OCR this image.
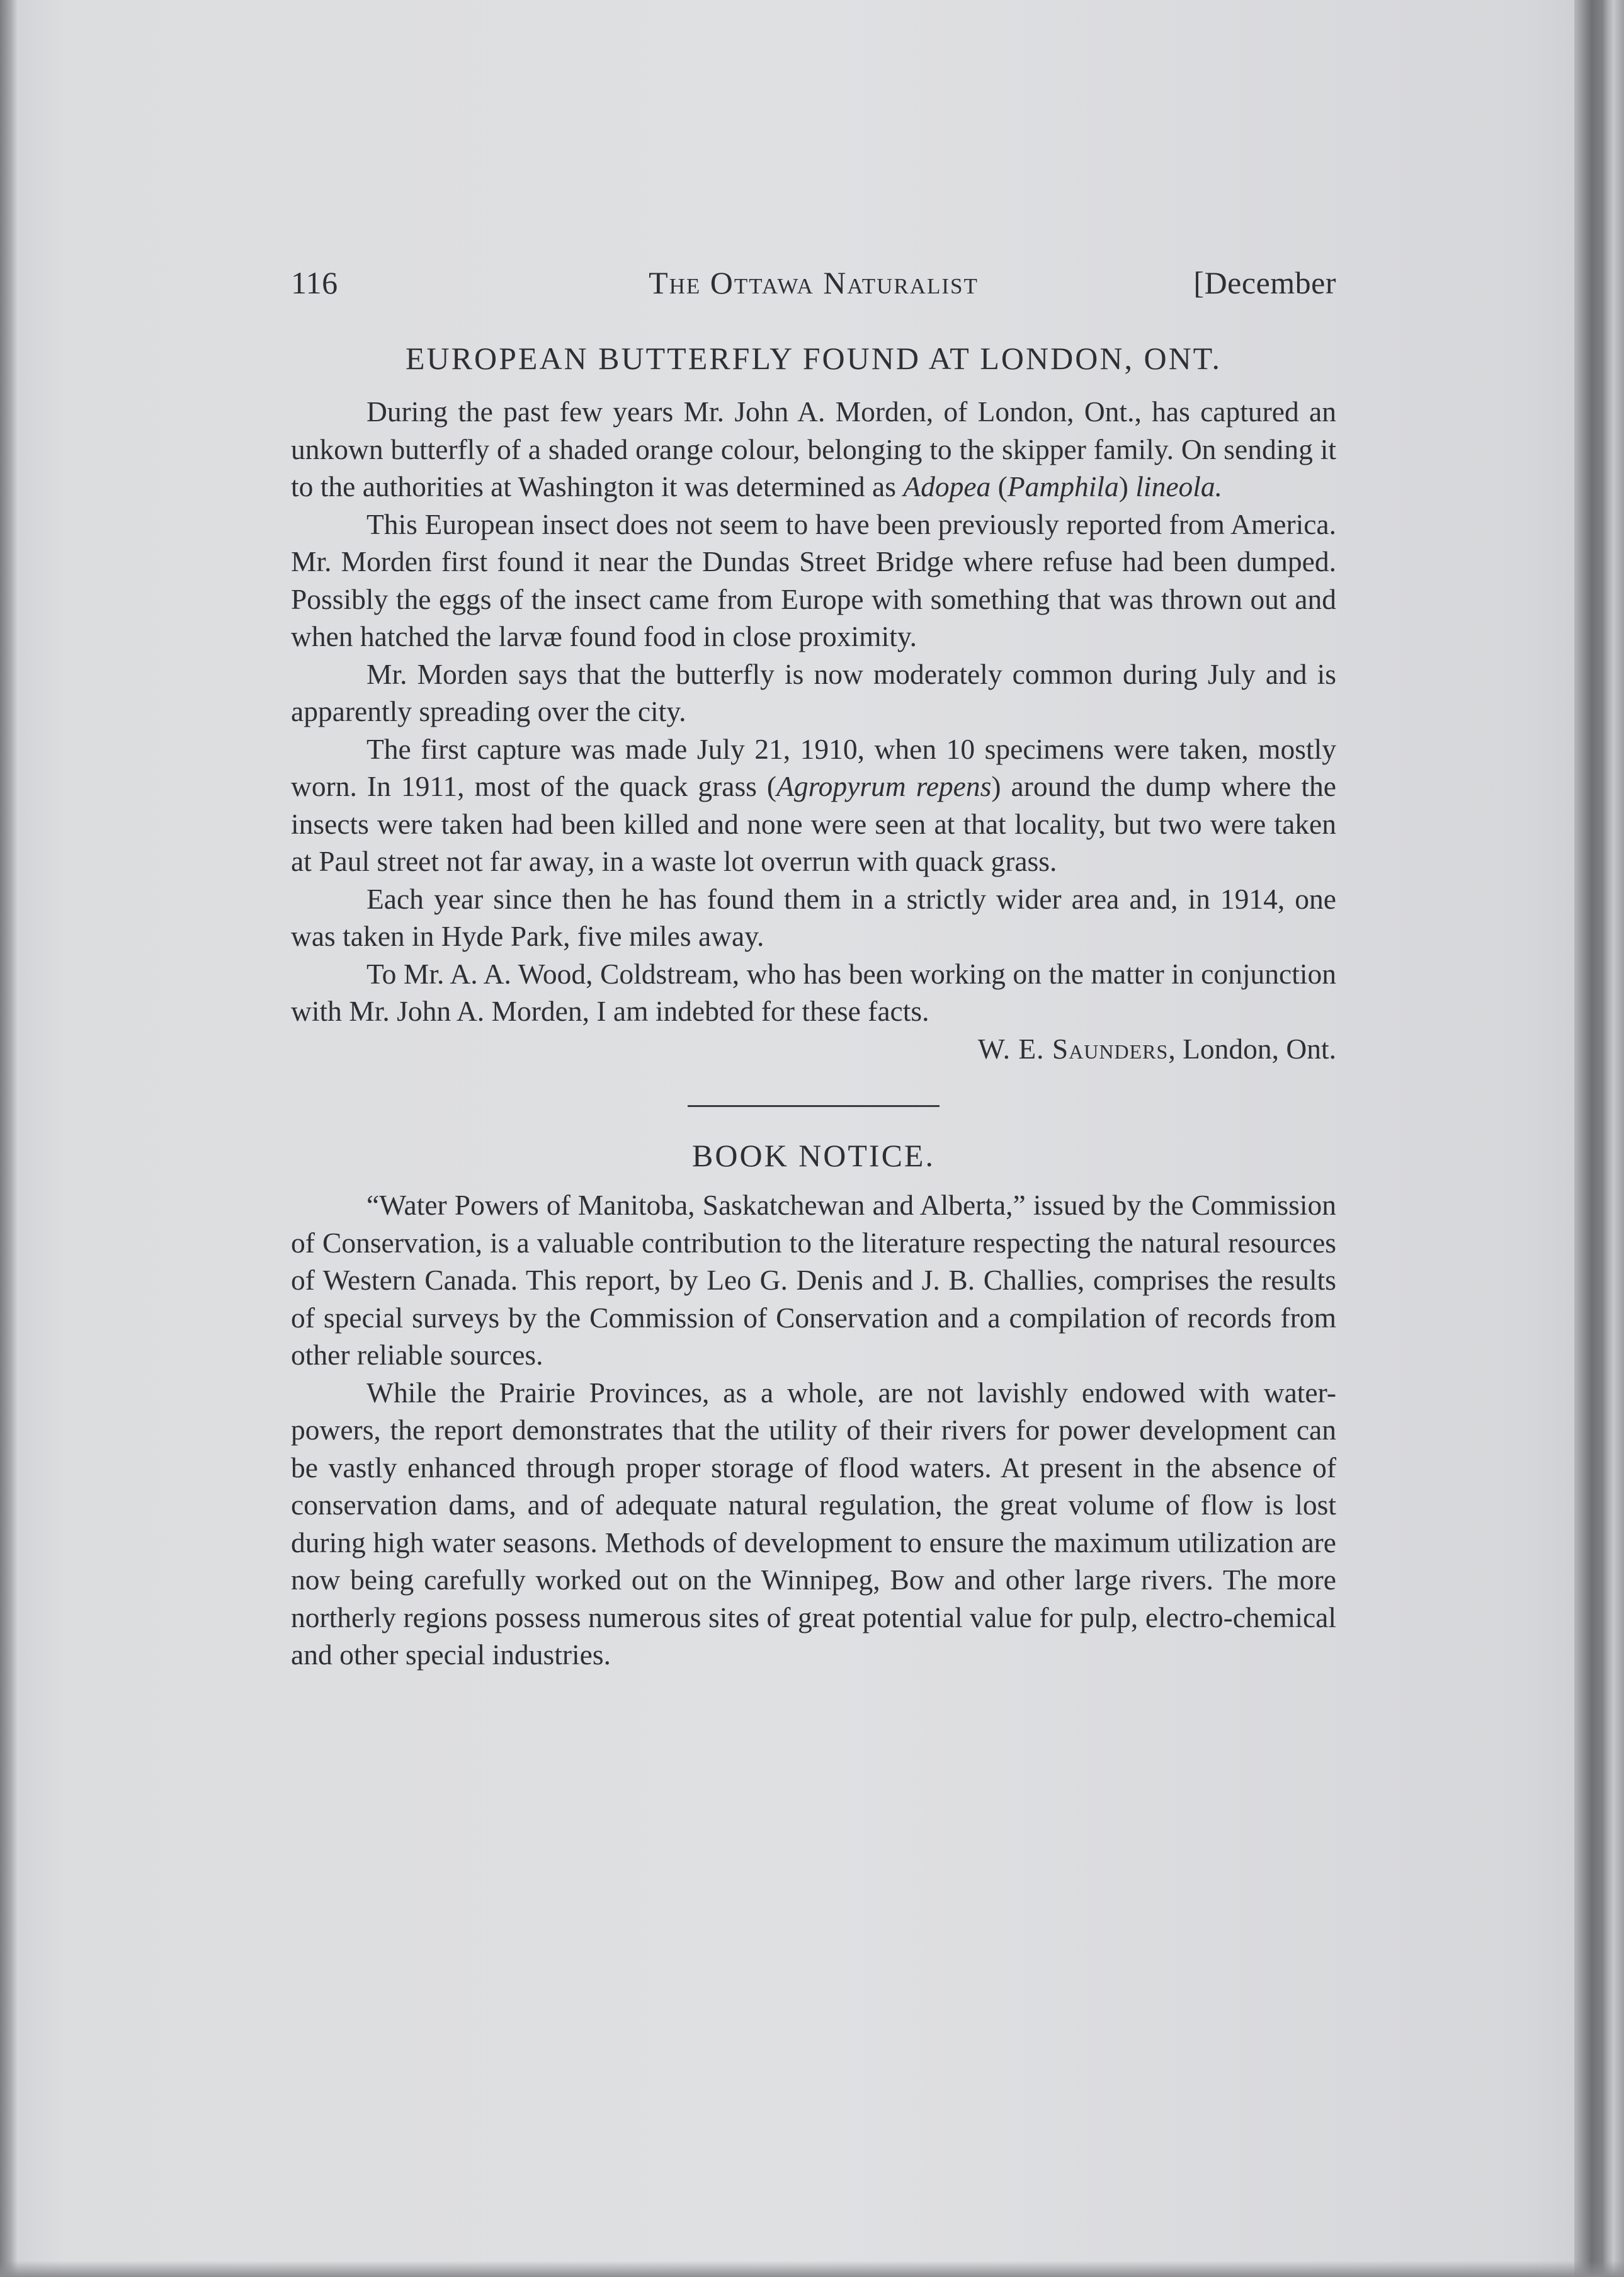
116	The Ottawa Naturalist	[December
EUROPEAN BUTTERFLY FOUND AT LONDON, ONT.

During the past few years Mr. John A. Morden, of London, Ont., has captured an unkown butterfly of a shaded orange colour, belonging to the skipper family. On sending it to the authorities at Washington it was determined as Adopea (Pamphila) lineola.

This European insect does not seem to have been previously reported from America. Mr. Morden first found it near the Dundas Street Bridge where refuse had been dumped. Possibly the eggs of the insect came from Europe with something that was thrown out and when hatched the larvæ found food in close proximity.

Mr. Morden says that the butterfly is now moderately common during July and is apparently spreading over the city.

The first capture was made July 21, 1910, when 10 specimens were taken, mostly worn. In 1911, most of the quack grass (Agropyrum repens) around the dump where the insects were taken had been killed and none were seen at that locality, but two were taken at Paul street not far away, in a waste lot overrun with quack grass.

Each year since then he has found them in a strictly wider area and, in 1914, one was taken in Hyde Park, five miles away.

To Mr. A. A. Wood, Coldstream, who has been working on the matter in conjunction with Mr. John A. Morden, I am indebted for these facts.

W. E. Saunders, London, Ont.
BOOK NOTICE.

“Water Powers of Manitoba, Saskatchewan and Alberta,” issued by the Commission of Conservation, is a valuable contribution to the literature respecting the natural resources of Western Canada. This report, by Leo G. Denis and J. B. Challies, comprises the results of special surveys by the Commission of Conservation and a compilation of records from other reliable sources.

While the Prairie Provinces, as a whole, are not lavishly endowed with water-powers, the report demonstrates that the utility of their rivers for power development can be vastly enhanced through proper storage of flood waters. At present in the absence of conservation dams, and of adequate natural regulation, the great volume of flow is lost during high water seasons. Methods of development to ensure the maximum utilization are now being carefully worked out on the Winnipeg, Bow and other large rivers. The more northerly regions possess numerous sites of great potential value for pulp, electro-chemical and other special industries.
